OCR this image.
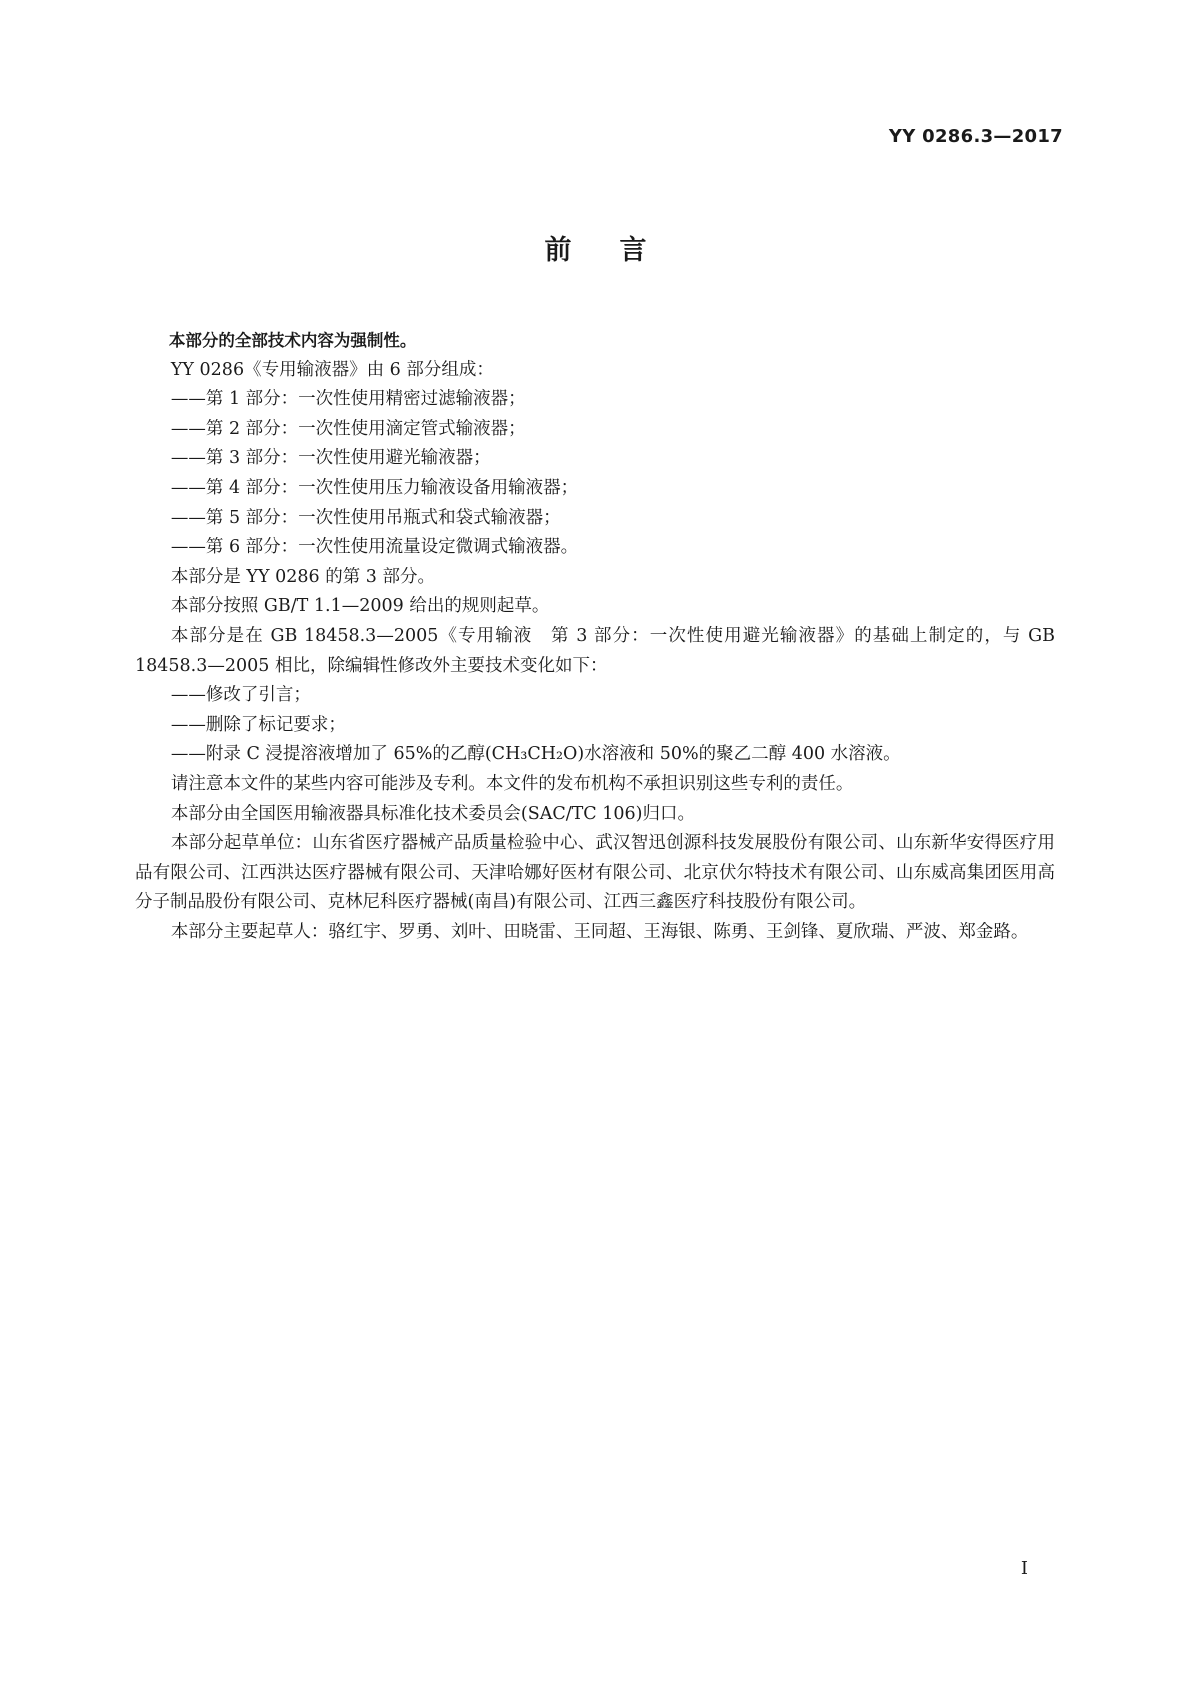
YY 0286.3—2017
前言

本部分的全部技术内容为强制性。

YY 0286《专用输液器》由 6 部分组成：

——第 1 部分：一次性使用精密过滤输液器；

——第 2 部分：一次性使用滴定管式输液器；

——第 3 部分：一次性使用避光输液器；

——第 4 部分：一次性使用压力输液设备用输液器；

——第 5 部分：一次性使用吊瓶式和袋式输液器；

——第 6 部分：一次性使用流量设定微调式输液器。

本部分是 YY 0286 的第 3 部分。

本部分按照 GB/T 1.1—2009 给出的规则起草。

本部分是在 GB 18458.3—2005《专用输液　第 3 部分：一次性使用避光输液器》的基础上制定的，与 GB 18458.3—2005 相比，除编辑性修改外主要技术变化如下：

——修改了引言；

——删除了标记要求；

——附录 C 浸提溶液增加了 65%的乙醇(CH₃CH₂O)水溶液和 50%的聚乙二醇 400 水溶液。

请注意本文件的某些内容可能涉及专利。本文件的发布机构不承担识别这些专利的责任。

本部分由全国医用输液器具标准化技术委员会(SAC/TC 106)归口。

本部分起草单位：山东省医疗器械产品质量检验中心、武汉智迅创源科技发展股份有限公司、山东新华安得医疗用品有限公司、江西洪达医疗器械有限公司、天津哈娜好医材有限公司、北京伏尔特技术有限公司、山东威高集团医用高分子制品股份有限公司、克林尼科医疗器械(南昌)有限公司、江西三鑫医疗科技股份有限公司。

本部分主要起草人：骆红宇、罗勇、刘叶、田晓雷、王同超、王海银、陈勇、王剑锋、夏欣瑞、严波、郑金路。

I
